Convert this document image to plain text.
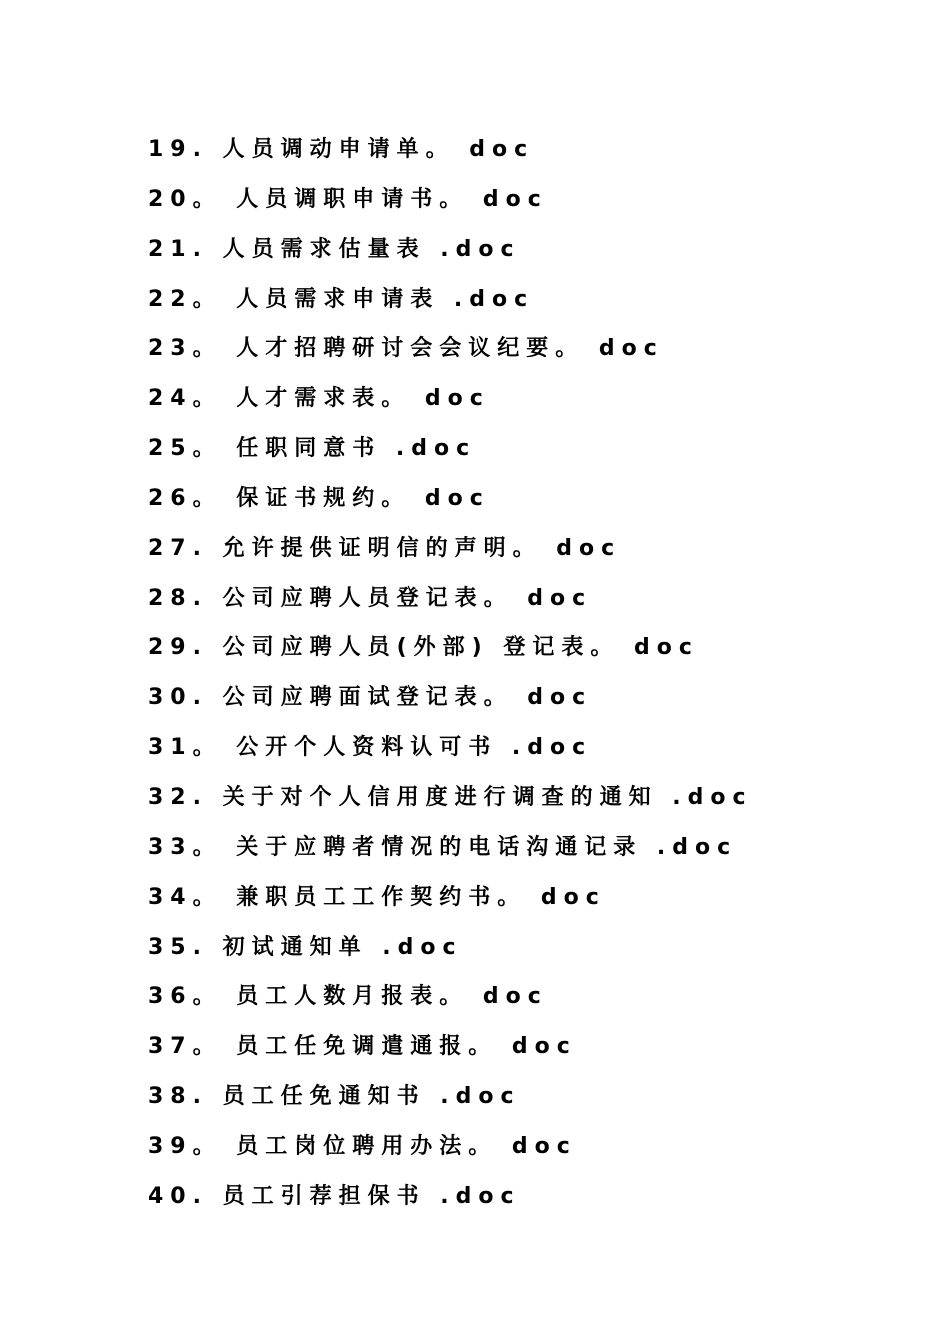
19. 人员调动申请单。 doc
20。 人员调职申请书。 doc
21. 人员需求估量表 .doc
22。 人员需求申请表 .doc
23。 人才招聘研讨会会议纪要。 doc
24。 人才需求表。 doc
25。 任职同意书 .doc
26。 保证书规约。 doc
27. 允许提供证明信的声明。 doc
28. 公司应聘人员登记表。 doc
29. 公司应聘人员(外部) 登记表。 doc
30. 公司应聘面试登记表。 doc
31。 公开个人资料认可书 .doc
32. 关于对个人信用度进行调查的通知 .doc
33。 关于应聘者情况的电话沟通记录 .doc
34。 兼职员工工作契约书。 doc
35. 初试通知单 .doc
36。 员工人数月报表。 doc
37。 员工任免调遣通报。 doc
38. 员工任免通知书 .doc
39。 员工岗位聘用办法。 doc
40. 员工引荐担保书 .doc
